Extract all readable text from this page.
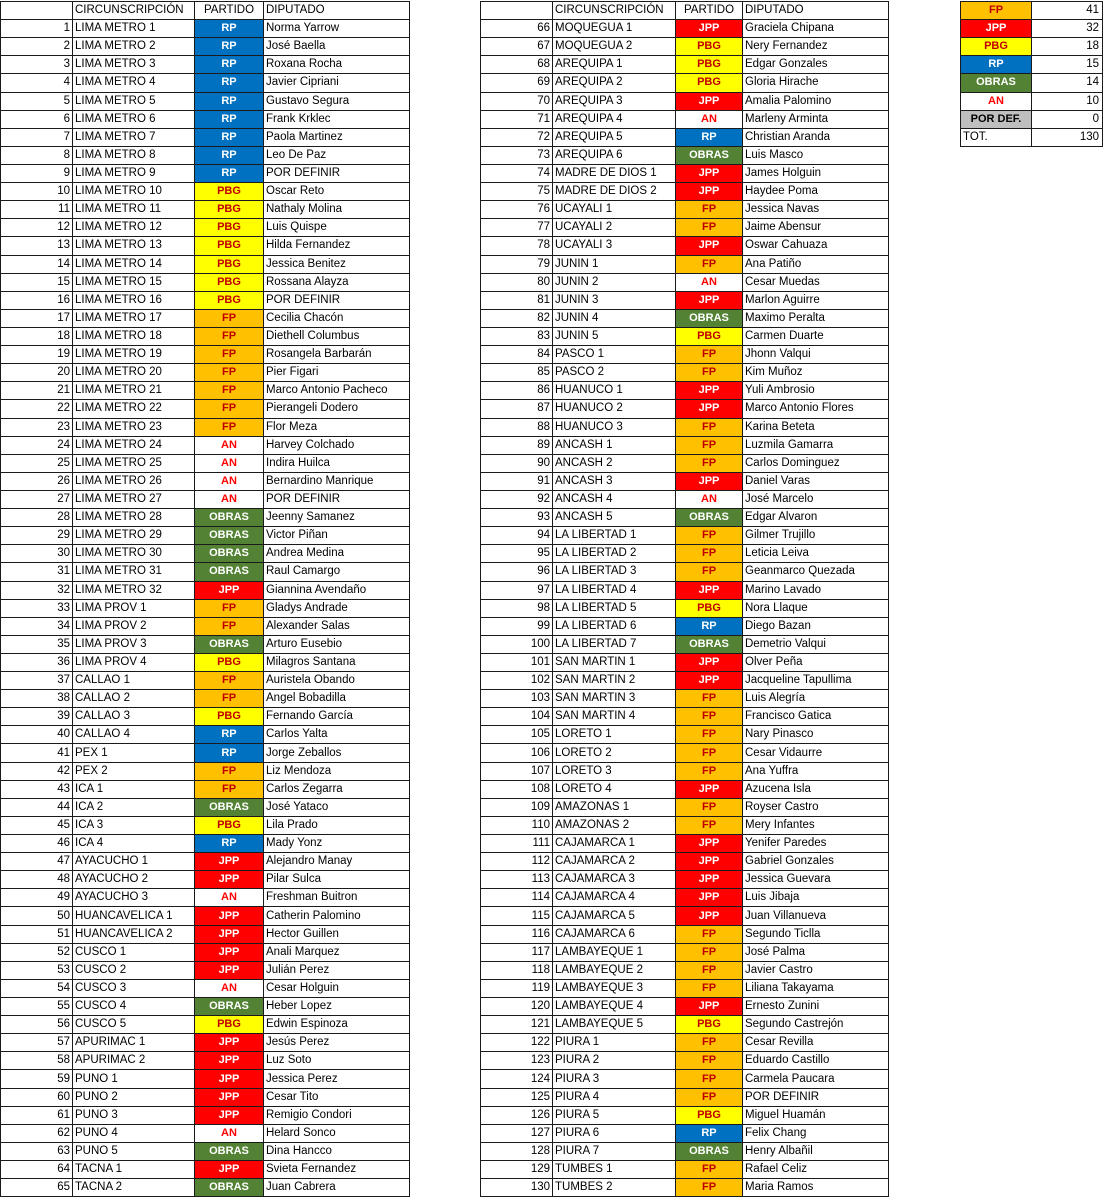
	CIRCUNSCRIPCIÓN	PARTIDO	DIPUTADO
1	LIMA METRO 1	RP	Norma Yarrow
2	LIMA METRO 2	RP	José Baella
3	LIMA METRO 3	RP	Roxana Rocha
4	LIMA METRO 4	RP	Javier Cipriani
5	LIMA METRO 5	RP	Gustavo Segura
6	LIMA METRO 6	RP	Frank Krklec
7	LIMA METRO 7	RP	Paola Martinez
8	LIMA METRO 8	RP	Leo De Paz
9	LIMA METRO 9	RP	POR DEFINIR
10	LIMA METRO 10	PBG	Oscar Reto
11	LIMA METRO 11	PBG	Nathaly Molina
12	LIMA METRO 12	PBG	Luis Quispe
13	LIMA METRO 13	PBG	Hilda Fernandez
14	LIMA METRO 14	PBG	Jessica Benitez
15	LIMA METRO 15	PBG	Rossana Alayza
16	LIMA METRO 16	PBG	POR DEFINIR
17	LIMA METRO 17	FP	Cecilia Chacón
18	LIMA METRO 18	FP	Diethell Columbus
19	LIMA METRO 19	FP	Rosangela Barbarán
20	LIMA METRO 20	FP	Pier Figari
21	LIMA METRO 21	FP	Marco Antonio Pacheco
22	LIMA METRO 22	FP	Pierangeli Dodero
23	LIMA METRO 23	FP	Flor Meza
24	LIMA METRO 24	AN	Harvey Colchado
25	LIMA METRO 25	AN	Indira Huilca
26	LIMA METRO 26	AN	Bernardino Manrique
27	LIMA METRO 27	AN	POR DEFINIR
28	LIMA METRO 28	OBRAS	Jeenny Samanez
29	LIMA METRO 29	OBRAS	Victor Piñan
30	LIMA METRO 30	OBRAS	Andrea Medina
31	LIMA METRO 31	OBRAS	Raul Camargo
32	LIMA METRO 32	JPP	Giannina Avendaño
33	LIMA PROV 1	FP	Gladys Andrade
34	LIMA PROV 2	FP	Alexander Salas
35	LIMA PROV 3	OBRAS	Arturo Eusebio
36	LIMA PROV 4	PBG	Milagros Santana
37	CALLAO 1	FP	Auristela Obando
38	CALLAO 2	FP	Angel Bobadilla
39	CALLAO 3	PBG	Fernando García
40	CALLAO 4	RP	Carlos Yalta
41	PEX 1	RP	Jorge Zeballos
42	PEX 2	FP	Liz Mendoza
43	ICA 1	FP	Carlos Zegarra
44	ICA 2	OBRAS	José Yataco
45	ICA 3	PBG	Lila Prado
46	ICA 4	RP	Mady Yonz
47	AYACUCHO 1	JPP	Alejandro Manay
48	AYACUCHO 2	JPP	Pilar Sulca
49	AYACUCHO 3	AN	Freshman Buitron
50	HUANCAVELICA 1	JPP	Catherin Palomino
51	HUANCAVELICA 2	JPP	Hector Guillen
52	CUSCO 1	JPP	Anali Marquez
53	CUSCO 2	JPP	Julián Perez
54	CUSCO 3	AN	Cesar Holguin
55	CUSCO 4	OBRAS	Heber Lopez
56	CUSCO 5	PBG	Edwin Espinoza
57	APURIMAC 1	JPP	Jesús Perez
58	APURIMAC 2	JPP	Luz Soto
59	PUNO 1	JPP	Jessica Perez
60	PUNO 2	JPP	Cesar Tito
61	PUNO 3	JPP	Remigio Condori
62	PUNO 4	AN	Helard Sonco
63	PUNO 5	OBRAS	Dina Hancco
64	TACNA 1	JPP	Svieta Fernandez
65	TACNA 2	OBRAS	Juan Cabrera
	CIRCUNSCRIPCIÓN	PARTIDO	DIPUTADO
66	MOQUEGUA 1	JPP	Graciela Chipana
67	MOQUEGUA 2	PBG	Nery Fernandez
68	AREQUIPA 1	PBG	Edgar Gonzales
69	AREQUIPA 2	PBG	Gloria Hirache
70	AREQUIPA 3	JPP	Amalia Palomino
71	AREQUIPA 4	AN	Marleny Arminta
72	AREQUIPA 5	RP	Christian Aranda
73	AREQUIPA 6	OBRAS	Luis Masco
74	MADRE DE DIOS 1	JPP	James Holguin
75	MADRE DE DIOS 2	JPP	Haydee Poma
76	UCAYALI 1	FP	Jessica Navas
77	UCAYALI 2	FP	Jaime Abensur
78	UCAYALI 3	JPP	Oswar Cahuaza
79	JUNIN 1	FP	Ana Patiño
80	JUNIN 2	AN	Cesar Muedas
81	JUNIN 3	JPP	Marlon Aguirre
82	JUNIN 4	OBRAS	Maximo Peralta
83	JUNIN 5	PBG	Carmen Duarte
84	PASCO 1	FP	Jhonn Valqui
85	PASCO 2	FP	Kim Muñoz
86	HUANUCO 1	JPP	Yuli Ambrosio
87	HUANUCO 2	JPP	Marco Antonio Flores
88	HUANUCO 3	FP	Karina Beteta
89	ANCASH 1	FP	Luzmila Gamarra
90	ANCASH 2	FP	Carlos Dominguez
91	ANCASH 3	JPP	Daniel Varas
92	ANCASH 4	AN	José Marcelo
93	ANCASH 5	OBRAS	Edgar Alvaron
94	LA LIBERTAD 1	FP	Gilmer Trujillo
95	LA LIBERTAD 2	FP	Leticia Leiva
96	LA LIBERTAD 3	FP	Geanmarco Quezada
97	LA LIBERTAD 4	JPP	Marino Lavado
98	LA LIBERTAD 5	PBG	Nora Llaque
99	LA LIBERTAD 6	RP	Diego Bazan
100	LA LIBERTAD 7	OBRAS	Demetrio Valqui
101	SAN MARTIN 1	JPP	Olver Peña
102	SAN MARTIN 2	JPP	Jacqueline Tapullima
103	SAN MARTIN 3	FP	Luis Alegría
104	SAN MARTIN 4	FP	Francisco Gatica
105	LORETO 1	FP	Nary Pinasco
106	LORETO 2	FP	Cesar Vidaurre
107	LORETO 3	FP	Ana Yuffra
108	LORETO 4	JPP	Azucena Isla
109	AMAZONAS 1	FP	Royser Castro
110	AMAZONAS 2	FP	Mery Infantes
111	CAJAMARCA 1	JPP	Yenifer Paredes
112	CAJAMARCA 2	JPP	Gabriel Gonzales
113	CAJAMARCA 3	JPP	Jessica Guevara
114	CAJAMARCA 4	JPP	Luis Jibaja
115	CAJAMARCA 5	JPP	Juan Villanueva
116	CAJAMARCA 6	FP	Segundo Ticlla
117	LAMBAYEQUE 1	FP	José Palma
118	LAMBAYEQUE 2	FP	Javier Castro
119	LAMBAYEQUE 3	FP	Liliana Takayama
120	LAMBAYEQUE 4	JPP	Ernesto Zunini
121	LAMBAYEQUE 5	PBG	Segundo Castrejón
122	PIURA 1	FP	Cesar Revilla
123	PIURA 2	FP	Eduardo Castillo
124	PIURA 3	FP	Carmela Paucara
125	PIURA 4	FP	POR DEFINIR
126	PIURA 5	PBG	Miguel Huamán
127	PIURA 6	RP	Felix Chang
128	PIURA 7	OBRAS	Henry Albañil
129	TUMBES 1	FP	Rafael Celiz
130	TUMBES 2	FP	Maria Ramos
FP	41
JPP	32
PBG	18
RP	15
OBRAS	14
AN	10
POR DEF.	0
TOT.	130
